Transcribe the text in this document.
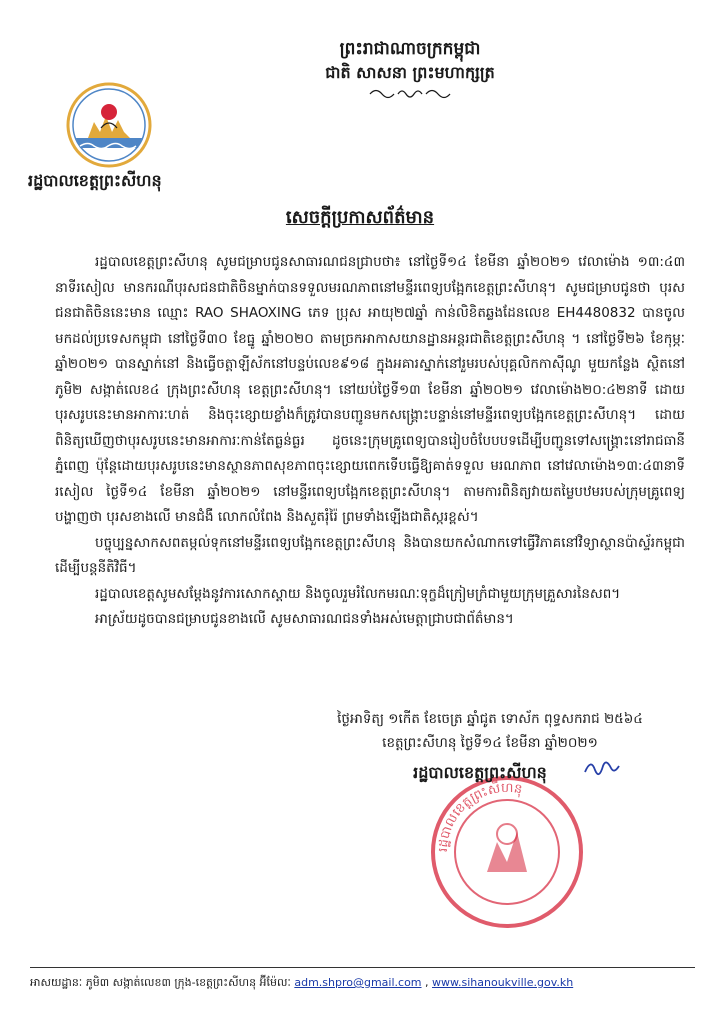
ព្រះរាជាណាចក្រកម្ពុជា
ជាតិ សាសនា ព្រះមហាក្សត្រ
រដ្ឋបាលខេត្តព្រះសីហនុ
សេចក្តីប្រកាសព័ត៌មាន

រដ្ឋបាលខេត្តព្រះសីហនុ សូមជម្រាបជូនសាធារណជនជ្រាបថា៖ នៅថ្ងៃទី១៤ ខែមីនា ឆ្នាំ២០២១ វេលាម៉ោង ១៣:៤៣ នាទីរសៀល មានករណីបុរសជនជាតិចិនម្នាក់បានទទួលមរណភាពនៅមន្ទីរពេទ្យបង្អែកខេត្តព្រះសីហនុ។ សូមជម្រាបជូនថា បុរសជនជាតិចិននេះមាន ឈ្មោះ RAO SHAOXING ភេទ ប្រុស អាយុ២៧ឆ្នាំ កាន់លិខិតឆ្លងដែនលេខ EH4480832 បានចូលមកដល់ប្រទេសកម្ពុជា នៅថ្ងៃទី៣០ ខែធ្នូ ឆ្នាំ២០២០ តាមច្រកអាកាសយានដ្ឋានអន្តរជាតិខេត្តព្រះសីហនុ ។ នៅថ្ងៃទី២៦ ខែកុម្ភៈ ឆ្នាំ២០២១ បានស្នាក់នៅ និងធ្វើចត្តាឡីស័កនៅបន្ទប់លេខ៩១៨ ក្នុងអគារស្នាក់នៅរួមរបស់បុគ្គលិកកាស៊ីណូ មួយកន្លែង ស្ថិតនៅភូមិ២ សង្កាត់លេខ៤ ក្រុងព្រះសីហនុ ខេត្តព្រះសីហនុ។ នៅយប់ថ្ងៃទី១៣ ខែមីនា ឆ្នាំ២០២១ វេលាម៉ោង២០:៤២នាទី ដោយបុរសរូបនេះមានអាការៈហត់ និងចុះខ្សោយខ្លាំងក៏ត្រូវបានបញ្ជូនមកសង្គ្រោះបន្ទាន់នៅមន្ទីរពេទ្យបង្អែកខេត្តព្រះសីហនុ។ ដោយពិនិត្យឃើញថាបុរសរូបនេះមានអាការៈកាន់តែធ្ងន់ធ្ងរ ដូចនេះក្រុមគ្រូពេទ្យបានរៀបចំបែបបទដើម្បីបញ្ជូនទៅសង្គ្រោះនៅរាជធានីភ្នំពេញ ប៉ុន្តែដោយបុរសរូបនេះមានស្ថានភាពសុខភាពចុះខ្សោយពេកទើបធ្វើឱ្យគាត់ទទួល មរណភាព នៅវេលាម៉ោង១៣:៤៣នាទីរសៀល ថ្ងៃទី១៤ ខែមីនា ឆ្នាំ២០២១ នៅមន្ទីរពេទ្យបង្អែកខេត្តព្រះសីហនុ។ តាមការពិនិត្យវាយតម្លៃបឋមរបស់ក្រុមគ្រូពេទ្យបង្ហាញថា បុរសខាងលើ មានជំងឺ លោកលំពែង និងសួតរុំរ៉ៃ ព្រមទាំងឡើងជាតិស្ករខ្ពស់។

បច្ចុប្បន្នសាកសពតម្កល់ទុកនៅមន្ទីរពេទ្យបង្អែកខេត្តព្រះសីហនុ និងបានយកសំណាកទៅធ្វើវិភាគនៅវិទ្យាស្ថានប៉ាស្ទ័រកម្ពុជា ដើម្បីបន្តនីតិវិធី។

រដ្ឋបាលខេត្តសូមសម្តែងនូវការសោកស្តាយ និងចូលរួមរំលែកមរណៈទុក្ខដ៏ក្រៀមក្រំជាមួយក្រុមគ្រួសារនៃសព។

អាស្រ័យដូចបានជម្រាបជូនខាងលើ សូមសាធារណជនទាំងអស់មេត្តាជ្រាបជាព័ត៌មាន។

ថ្ងៃអាទិត្យ ១កើត ខែចេត្រ ឆ្នាំជូត ទោស័ក ពុទ្ធសករាជ ២៥៦៤
ខេត្តព្រះសីហនុ ថ្ងៃទី១៤ ខែមីនា ឆ្នាំ២០២១
រដ្ឋបាលខេត្តព្រះសីហនុ
រដ្ឋបាលខេត្តព្រះសីហនុ
អាសយដ្ឋានៈ ភូមិ៣ សង្កាត់លេខ៣ ក្រុង-ខេត្តព្រះសីហនុ អ៊ីម៉ែលៈ adm.shpro@gmail.com , www.sihanoukville.gov.kh
